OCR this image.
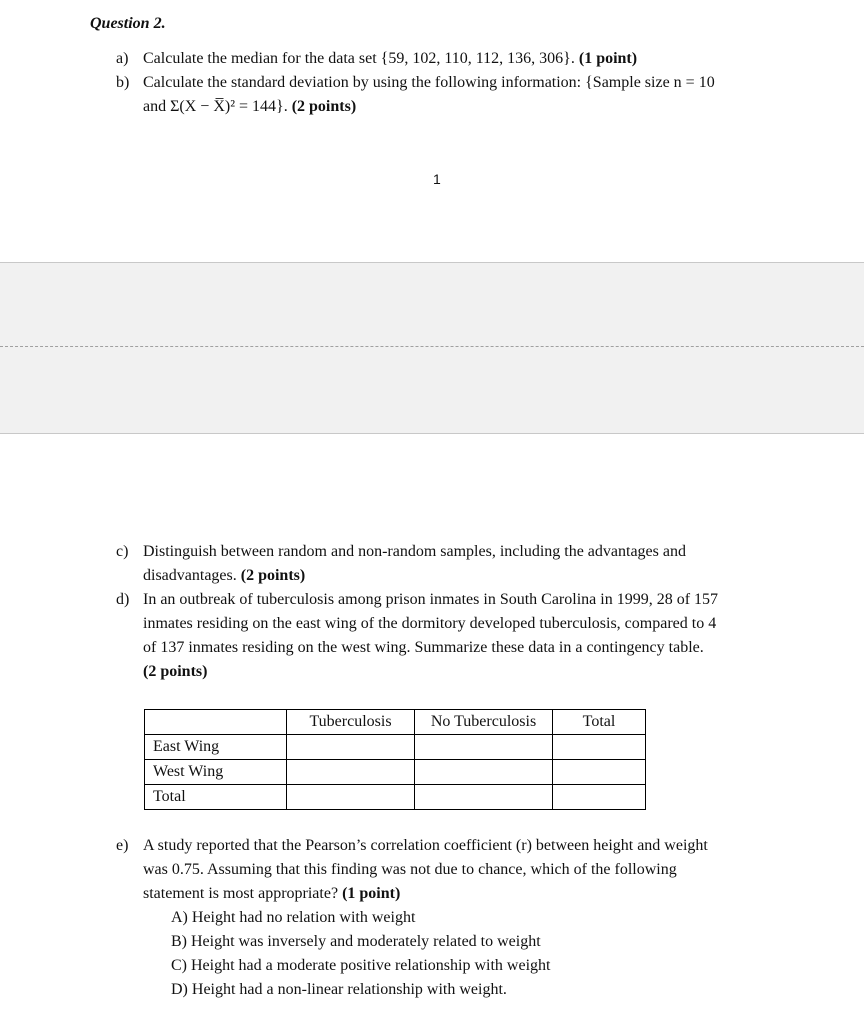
Question 2.
a) Calculate the median for the data set {59, 102, 110, 112, 136, 306}. (1 point)
b) Calculate the standard deviation by using the following information: {Sample size n = 10
and Σ(X − X̅)² = 144}. (2 points)
1
c) Distinguish between random and non-random samples, including the advantages and
disadvantages. (2 points)
d) In an outbreak of tuberculosis among prison inmates in South Carolina in 1999, 28 of 157
inmates residing on the east wing of the dormitory developed tuberculosis, compared to 4
of 137 inmates residing on the west wing. Summarize these data in a contingency table.
(2 points)
	Tuberculosis	No Tuberculosis	Total
East Wing			
West Wing			
Total			
e) A study reported that the Pearson’s correlation coefficient (r) between height and weight
was 0.75. Assuming that this finding was not due to chance, which of the following
statement is most appropriate? (1 point)
A) Height had no relation with weight
B) Height was inversely and moderately related to weight
C) Height had a moderate positive relationship with weight
D) Height had a non-linear relationship with weight.
